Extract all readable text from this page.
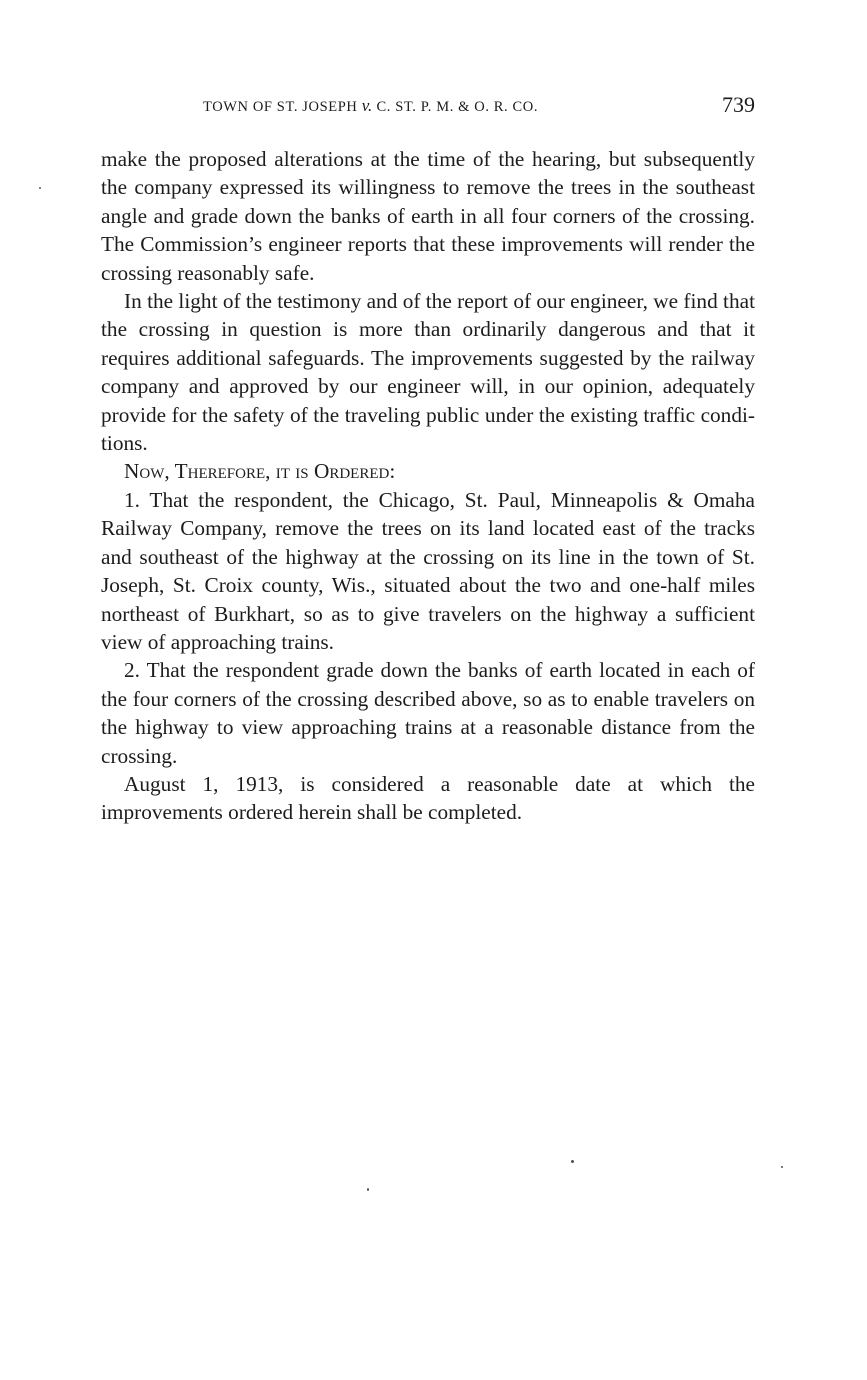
TOWN OF ST. JOSEPH v. C. ST. P. M. & O. R. CO.	739

make the proposed alterations at the time of the hearing, but subsequently the company expressed its willingness to remove the trees in the southeast angle and grade down the banks of earth in all four corners of the crossing. The Commission’s engineer reports that these improvements will render the crossing reasonably safe.

In the light of the testimony and of the report of our engineer, we find that the crossing in question is more than ordinarily dangerous and that it requires additional safeguards. The improvements suggested by the railway company and approved by our engineer will, in our opinion, adequately provide for the safety of the traveling public under the existing traffic conditions.

Now, Therefore, it is Ordered:

1. That the respondent, the Chicago, St. Paul, Minneapolis & Omaha Railway Company, remove the trees on its land located east of the tracks and southeast of the highway at the crossing on its line in the town of St. Joseph, St. Croix county, Wis., situated about the two and one-half miles northeast of Burkhart, so as to give travelers on the highway a sufficient view of approaching trains.

2. That the respondent grade down the banks of earth located in each of the four corners of the crossing described above, so as to enable travelers on the highway to view approaching trains at a reasonable distance from the crossing.

August 1, 1913, is considered a reasonable date at which the improvements ordered herein shall be completed.
